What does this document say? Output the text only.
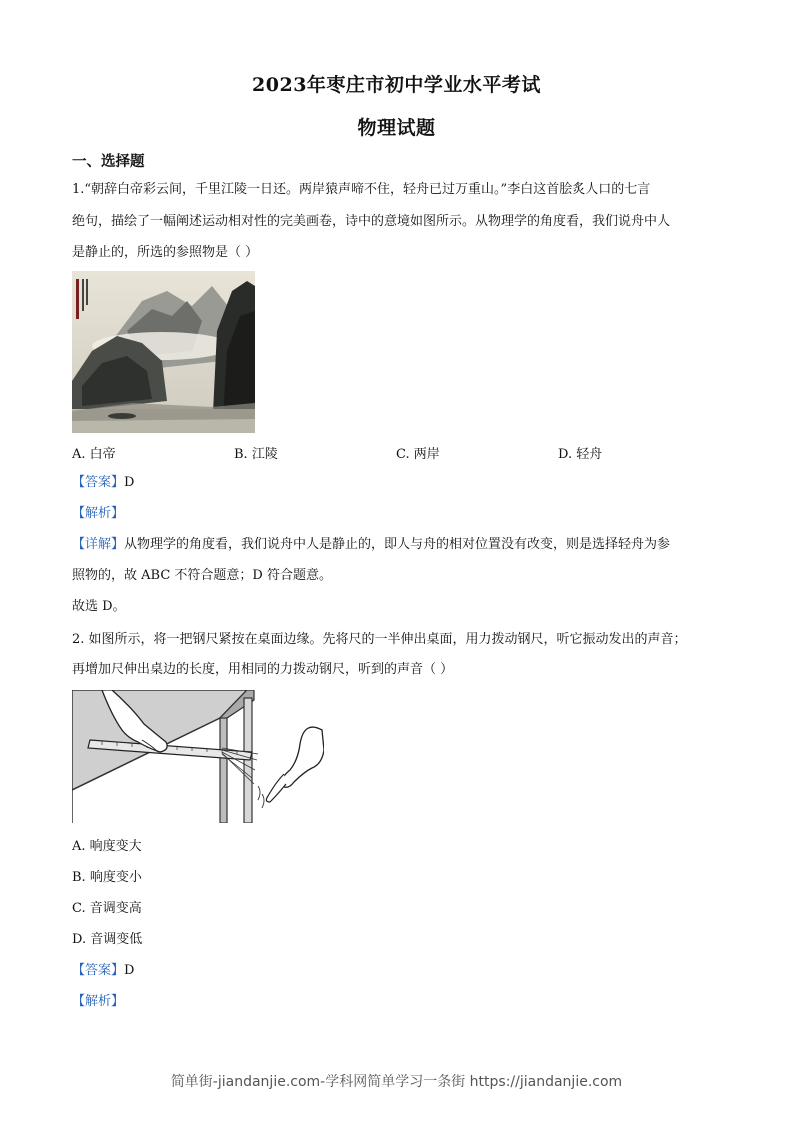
2023年枣庄市初中学业水平考试
物理试题
一、选择题
1.“朝辞白帝彩云间，千里江陵一日还。两岸猿声啼不住，轻舟已过万重山。”李白这首脍炙人口的七言
绝句，描绘了一幅阐述运动相对性的完美画卷，诗中的意境如图所示。从物理学的角度看，我们说舟中人
是静止的，所选的参照物是（ ）
A. 白帝	B. 江陵	C. 两岸	D. 轻舟
【答案】D
【解析】
【详解】从物理学的角度看，我们说舟中人是静止的，即人与舟的相对位置没有改变，则是选择轻舟为参
照物的，故 ABC 不符合题意；D 符合题意。
故选 D。
2. 如图所示，将一把钢尺紧按在桌面边缘。先将尺的一半伸出桌面，用力拨动钢尺，听它振动发出的声音；
再增加尺伸出桌边的长度，用相同的力拨动钢尺，听到的声音（ ）
A. 响度变大
B. 响度变小
C. 音调变高
D. 音调变低
【答案】D
【解析】
简单街-jiandanjie.com-学科网简单学习一条街 https://jiandanjie.com
